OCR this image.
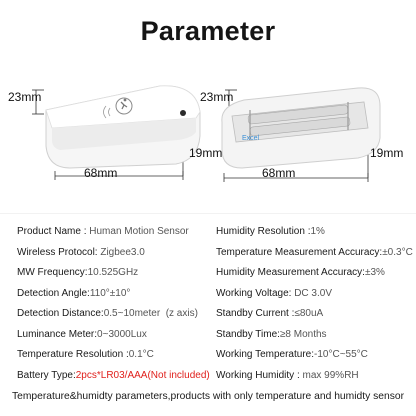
Parameter
Excel
23mm
19mm
68mm
23mm
19mm
68mm
Product Name : Human Motion Sensor
Wireless Protocol: Zigbee3.0
MW Frequency:10.525GHz
Detection Angle:110°±10°
Detection Distance:0.5~10meter  (z axis)
Luminance Meter:0~3000Lux
Temperature Resolution :0.1°C
Battery Type:2pcs*LR03/AAA(Not included)
Humidity Resolution :1%
Temperature Measurement Accuracy:±0.3°C
Humidity Measurement Accuracy:±3%
Working Voltage: DC 3.0V
Standby Current :≤80uA
Standby Time:≥8 Months
Working Temperature:-10°C~55°C
Working Humidity : max 99%RH
Temperature&humidty parameters,products with only temperature and humidty sensor
